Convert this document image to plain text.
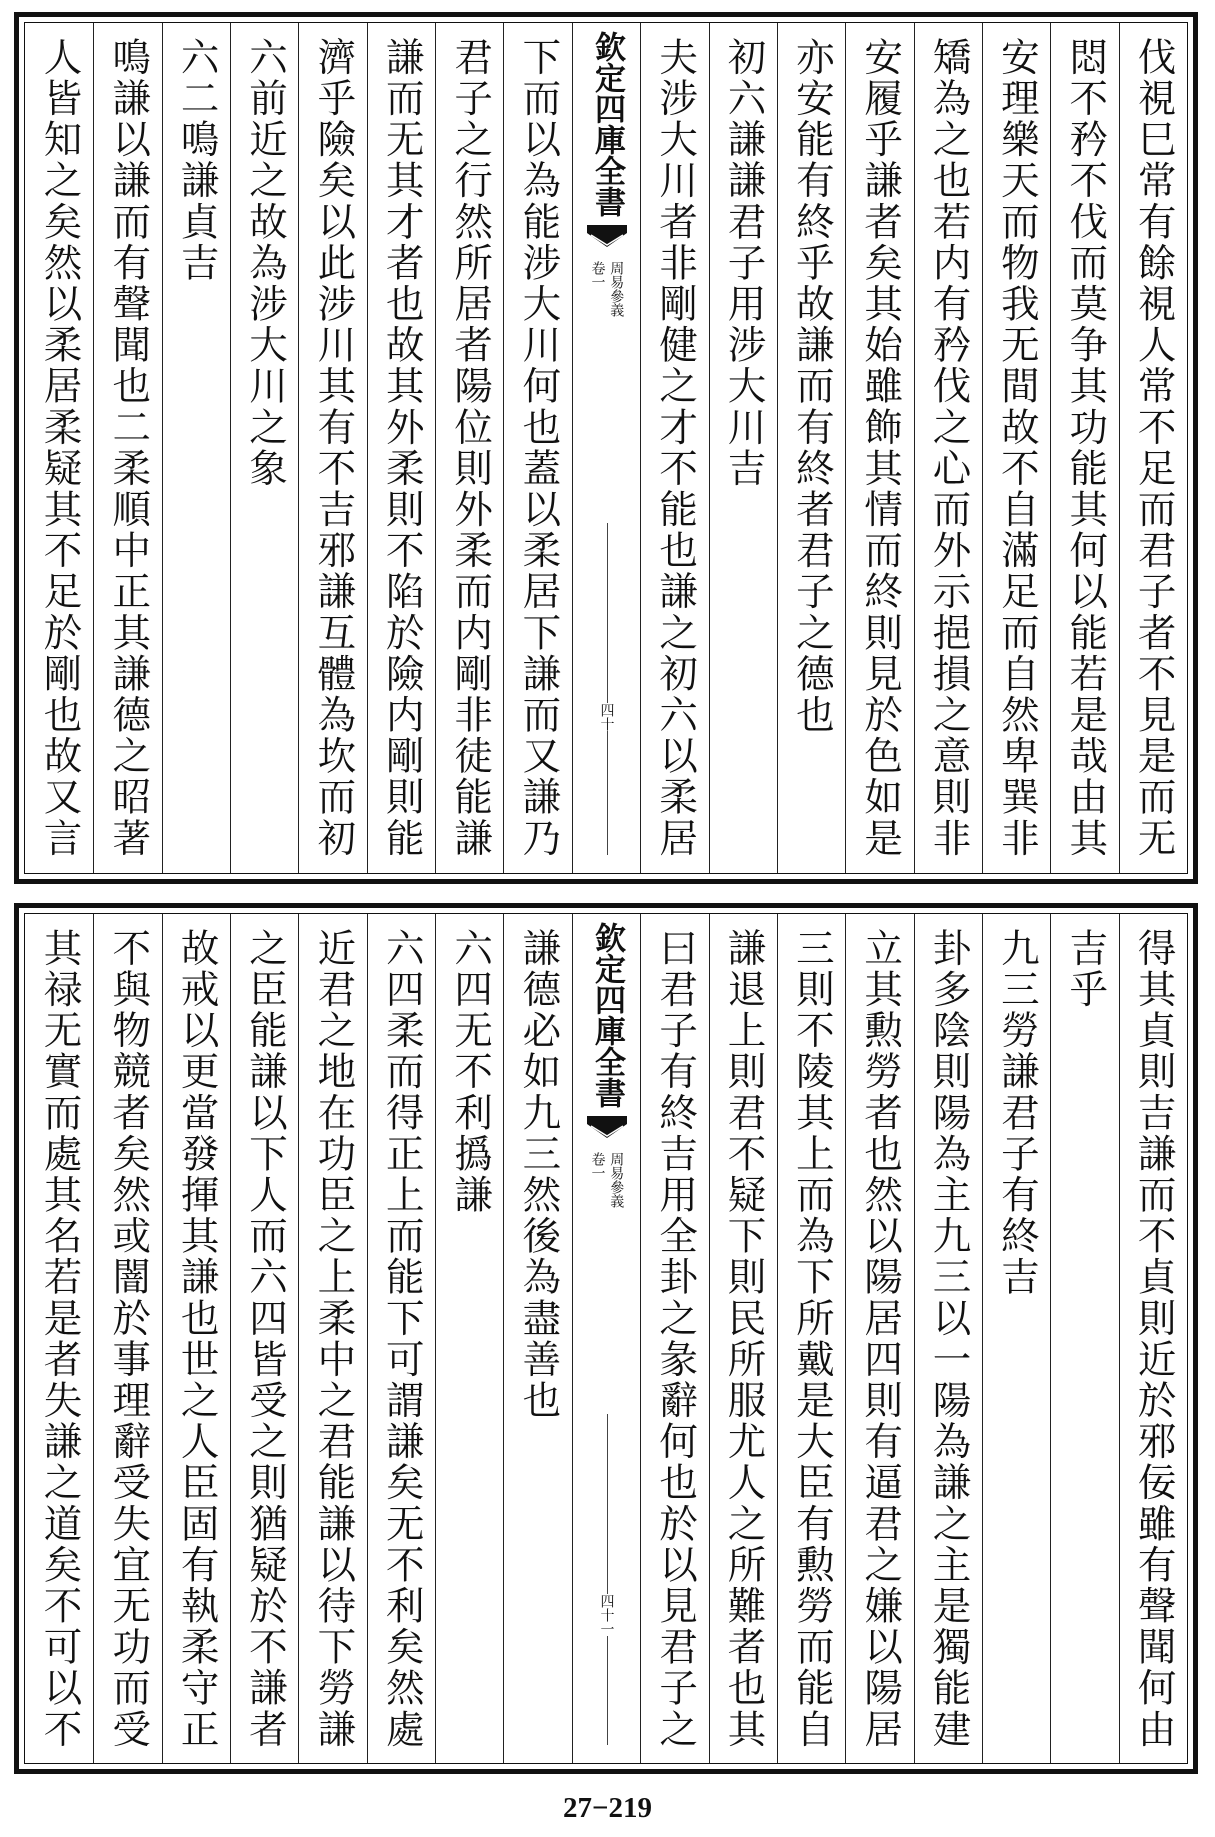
伐視巳常有餘視人常不足而君子者不見是而无
悶不矜不伐而莫争其功能其何以能若是哉由其
安理樂天而物我无間故不自滿足而自然卑巽非
矯為之也若内有矜伐之心而外示挹損之意則非
安履乎謙者矣其始雖飾其情而終則見於色如是
亦安能有終乎故謙而有終者君子之德也
初六謙謙君子用涉大川吉
夫涉大川者非剛健之才不能也謙之初六以柔居
欽定四庫全書
周易參義
卷一
四十
下而以為能涉大川何也蓋以柔居下謙而又謙乃
君子之行然所居者陽位則外柔而内剛非徒能謙
謙而无其才者也故其外柔則不陷於險内剛則能
濟乎險矣以此涉川其有不吉邪謙互體為坎而初
六前近之故為涉大川之象
六二鳴謙貞吉
鳴謙以謙而有聲聞也二柔順中正其謙德之昭著
人皆知之矣然以柔居柔疑其不足於剛也故又言
得其貞則吉謙而不貞則近於邪佞雖有聲聞何由
吉乎
九三勞謙君子有終吉
卦多陰則陽為主九三以一陽為謙之主是獨能建
立其勲勞者也然以陽居四則有逼君之嫌以陽居
三則不陵其上而為下所戴是大臣有勲勞而能自
謙退上則君不疑下則民所服尤人之所難者也其
曰君子有終吉用全卦之彖辭何也於以見君子之
欽定四庫全書
周易參義
卷一
四十一
謙德必如九三然後為盡善也
六四无不利撝謙
六四柔而得正上而能下可謂謙矣无不利矣然處
近君之地在功臣之上柔中之君能謙以待下勞謙
之臣能謙以下人而六四皆受之則猶疑於不謙者
故戒以更當發揮其謙也世之人臣固有執柔守正
不與物競者矣然或闇於事理辭受失宜无功而受
其禄无實而處其名若是者失謙之道矣不可以不
27−219
